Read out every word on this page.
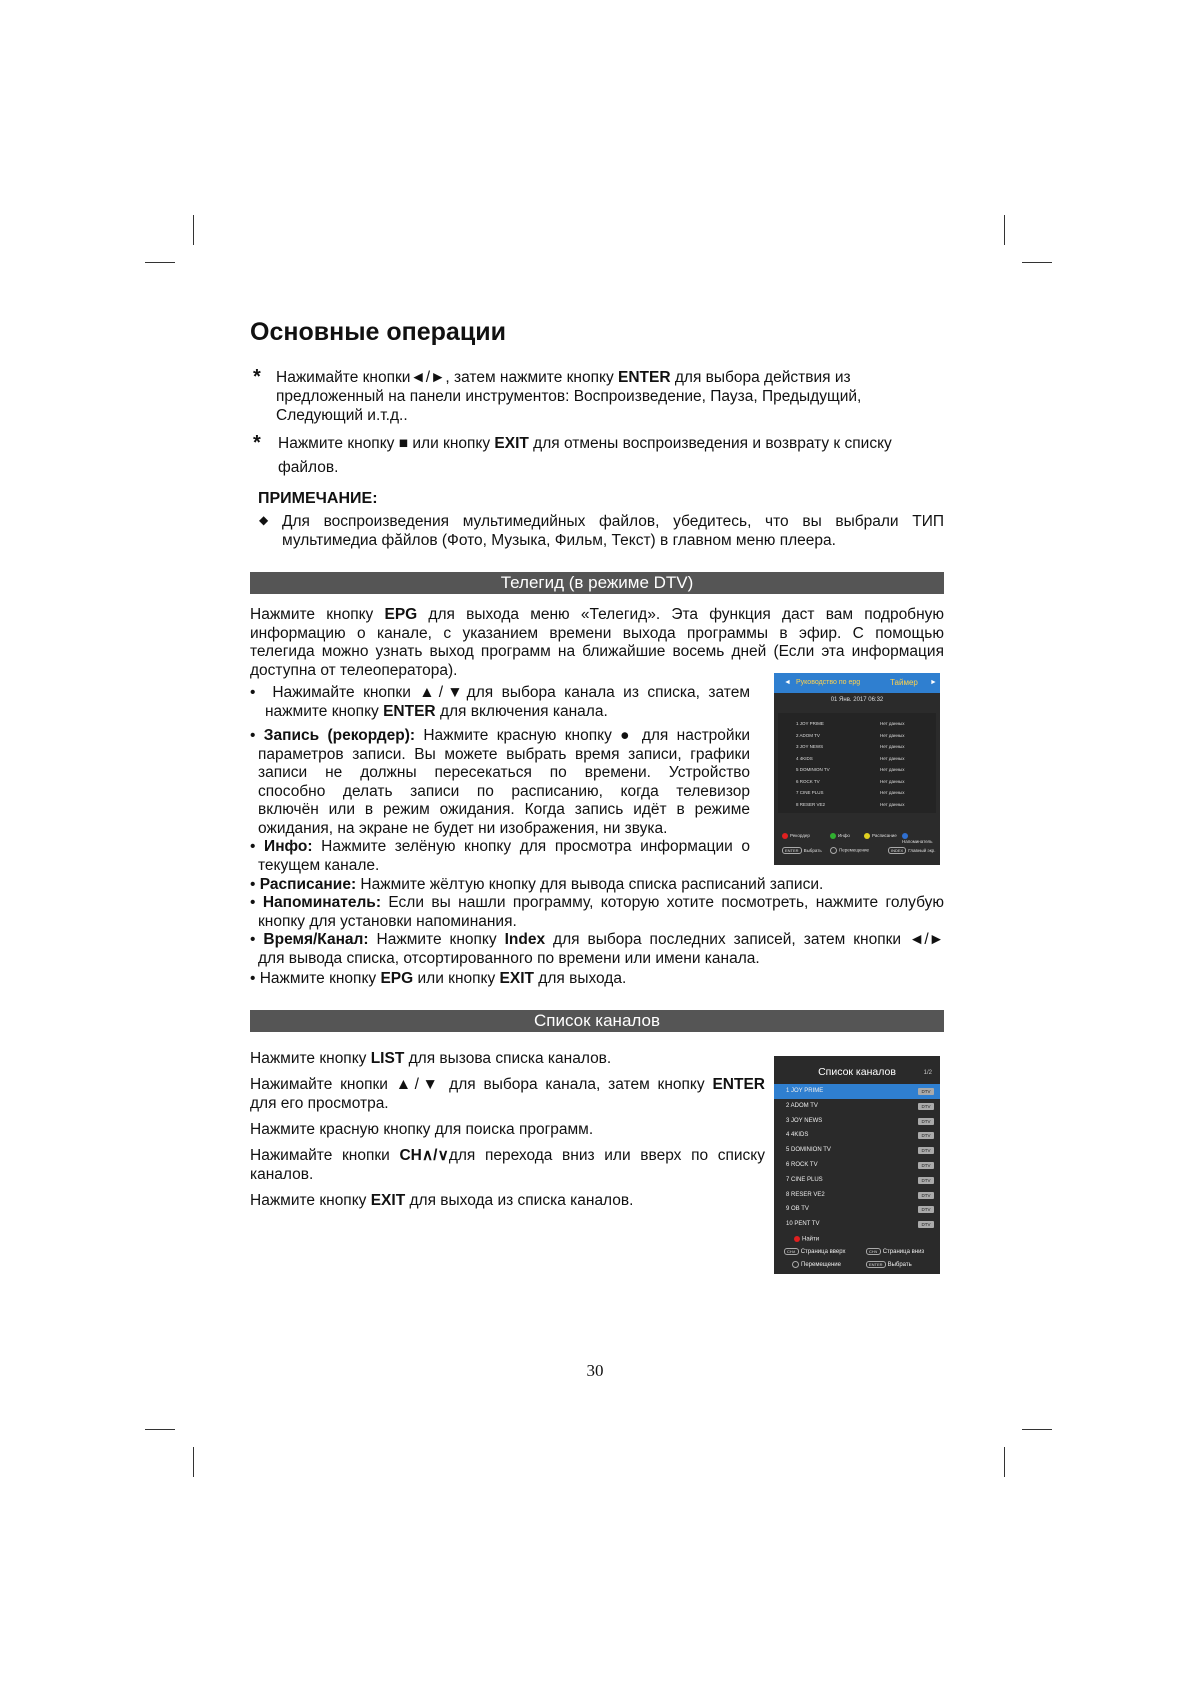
Основные операции
* Нажимайте кнопки◄/►, затем нажмите кнопку ENTER для выбора действия из
предложенный на панели инструментов: Воспроизведение, Пауза, Предыдущий,
Следующий и.т.д..
* Нажмите кнопку ■ или кнопку EXIT для отмены воспроизведения и возврату к списку
файлов.
ПРИМЕЧАНИЕ:
◆ Для воспроизведения мультимедийных файлов, убедитесь, что вы выбрали ТИП
мультимедиа фӑйлов (Фото, Музыка, Фильм, Текст) в главном меню плеера.
Телегид (в режиме DTV)
Нажмите кнопку EPG для выхода меню «Телегид». Эта функция даст вам подробную
информацию о канале, с указанием времени выхода программы в эфир. С помощью
телегида можно узнать выход программ на ближайшие восемь дней (Если эта информация
доступна от телеоператора).
•  Нажимайте кнопки ▲/▼для выбора канала из списка, затем
нажмите кнопку ENTER для включения канала.
• Запись (рекордер): Нажмите красную кнопку ● для настройки
параметров записи. Вы можете выбрать время записи, графики
записи не должны пересекаться по времени. Устройство
способно делать записи по расписанию, когда телевизор
включён или в режим ожидания. Когда запись идёт в режиме
ожидания, на экране не будет ни изображения, ни звука.
• Инфо: Нажмите зелёную кнопку для просмотра информации о
текущем канале.
• Расписание: Нажмите жёлтую кнопку для вывода списка расписаний записи.
• Напоминатель: Если вы нашли программу, которую хотите посмотреть, нажмите голубую
кнопку для установки напоминания.
• Время/Канал: Нажмите кнопку Index для выбора последних записей, затем кнопки ◄/►
для вывода списка, отсортированного по времени или имени канала.
• Нажмите кнопку EPG или кнопку EXIT для выхода.
◄ Руководство по epg	Таймер ►
01 Янв. 2017 06:32
1 JOY PRIME	Нет данных
2 ADOM TV	Нет данных
3 JOY NEWS	Нет данных
4 4KIDS	Нет данных
5 DOMINION TV	Нет данных
6 ROCK TV	Нет данных
7 CINE PLUS	Нет данных
8 RESER VE2	Нет данных
Рекордер	Инфо	Расписание
Напоминатель
ENTER Выбрать	Перемещение	INDEX Главный экр.
Список каналов
Нажмите кнопку LIST для вызова списка каналов.
Нажимайте кнопки ▲/▼ для выбора канала, затем кнопку ENTER
для его просмотра.
Нажмите красную кнопку для поиска программ.
Нажимайте кнопки CH∧/∨для перехода вниз или вверх по списку
каналов.
Нажмите кнопку EXIT для выхода из списка каналов.
Список каналов	1/2
1 JOY PRIME	DTV
2 ADOM TV	DTV
3 JOY NEWS	DTV
4 4KIDS	DTV
5 DOMINION TV	DTV
6 ROCK TV	DTV
7 CINE PLUS	DTV
8 RESER VE2	DTV
9 OB TV	DTV
10 PENT TV	DTV
Найти
CH∧ Страница вверх	CH∨ Страница вниз
Перемещение	ENTER Выбрать
30
